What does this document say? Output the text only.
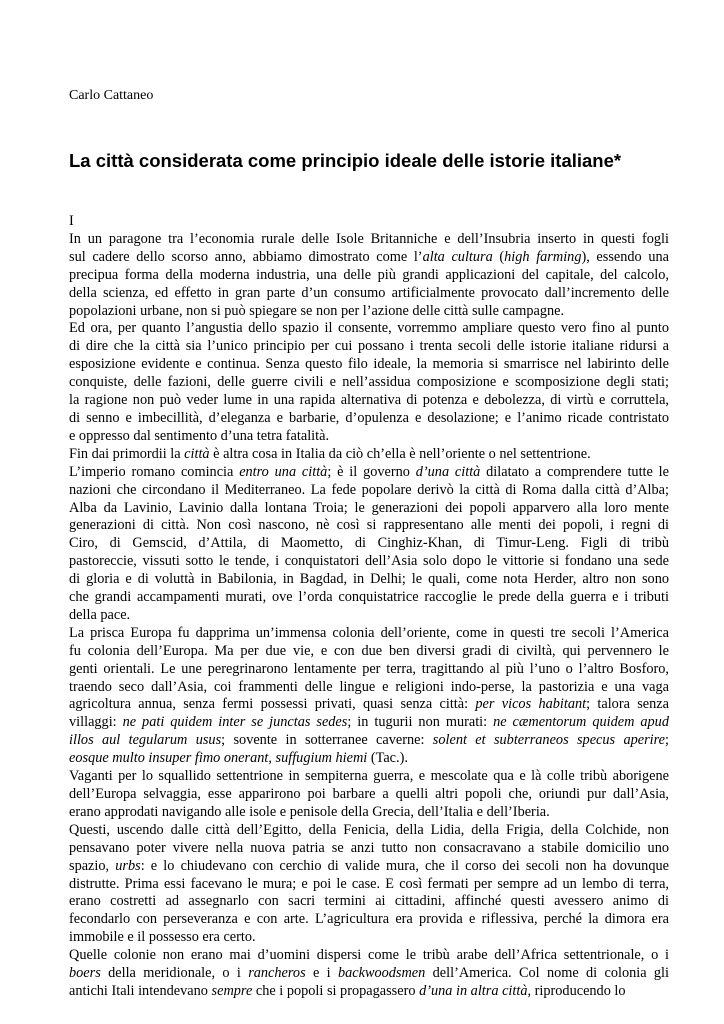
Carlo Cattaneo
La città considerata come principio ideale delle istorie italiane*
I
In un paragone tra l’economia rurale delle Isole Britanniche e dell’Insubria inserto in questi fogli
sul cadere dello scorso anno, abbiamo dimostrato come l’alta cultura (high farming), essendo una
precipua forma della moderna industria, una delle più grandi applicazioni del capitale, del calcolo,
della scienza, ed effetto in gran parte d’un consumo artificialmente provocato dall’incremento delle
popolazioni urbane, non si può spiegare se non per l’azione delle città sulle campagne.
Ed ora, per quanto l’angustia dello spazio il consente, vorremmo ampliare questo vero fino al punto
di dire che la città sia l’unico principio per cui possano i trenta secoli delle istorie italiane ridursi a
esposizione evidente e continua. Senza questo filo ideale, la memoria si smarrisce nel labirinto delle
conquiste, delle fazioni, delle guerre civili e nell’assidua composizione e scomposizione degli stati;
la ragione non può veder lume in una rapida alternativa di potenza e debolezza, di virtù e corruttela,
di senno e imbecillità, d’eleganza e barbarie, d’opulenza e desolazione; e l’animo ricade contristato
e oppresso dal sentimento d’una tetra fatalità.
Fin dai primordii la città è altra cosa in Italia da ciò ch’ella è nell’oriente o nel settentrione.
L’imperio romano comincia entro una città; è il governo d’una città dilatato a comprendere tutte le
nazioni che circondano il Mediterraneo. La fede popolare derivò la città di Roma dalla città d’Alba;
Alba da Lavinio, Lavinio dalla lontana Troia; le generazioni dei popoli apparvero alla loro mente
generazioni di città. Non così nascono, nè così si rappresentano alle menti dei popoli, i regni di
Ciro, di Gemscid, d’Attila, di Maometto, di Cinghiz-Khan, di Timur-Leng. Figli di tribù
pastoreccie, vissuti sotto le tende, i conquistatori dell’Asia solo dopo le vittorie si fondano una sede
di gloria e di voluttà in Babilonia, in Bagdad, in Delhi; le quali, come nota Herder, altro non sono
che grandi accampamenti murati, ove l’orda conquistatrice raccoglie le prede della guerra e i tributi
della pace.
La prisca Europa fu dapprima un’immensa colonia dell’oriente, come in questi tre secoli l’America
fu colonia dell’Europa. Ma per due vie, e con due ben diversi gradi di civiltà, qui pervennero le
genti orientali. Le une peregrinarono lentamente per terra, tragittando al più l’uno o l’altro Bosforo,
traendo seco dall’Asia, coi frammenti delle lingue e religioni indo-perse, la pastorizia e una vaga
agricoltura annua, senza fermi possessi privati, quasi senza città: per vicos habitant; talora senza
villaggi: ne pati quidem inter se junctas sedes; in tugurii non murati: ne cæmentorum quidem apud
illos aul tegularum usus; sovente in sotterranee caverne: solent et subterraneos specus aperire;
eosque multo insuper fimo onerant, suffugium hiemi (Tac.).
Vaganti per lo squallido settentrione in sempiterna guerra, e mescolate qua e là colle tribù aborigene
dell’Europa selvaggia, esse apparirono poi barbare a quelli altri popoli che, oriundi pur dall’Asia,
erano approdati navigando alle isole e penisole della Grecia, dell’Italia e dell’Iberia.
Questi, uscendo dalle città dell’Egitto, della Fenicia, della Lidia, della Frigia, della Colchide, non
pensavano poter vivere nella nuova patria se anzi tutto non consacravano a stabile domicilio uno
spazio, urbs: e lo chiudevano con cerchio di valide mura, che il corso dei secoli non ha dovunque
distrutte. Prima essi facevano le mura; e poi le case. E così fermati per sempre ad un lembo di terra,
erano costretti ad assegnarlo con sacri termini ai cittadini, affinché questi avessero animo di
fecondarlo con perseveranza e con arte. L’agricultura era provida e riflessiva, perché la dimora era
immobile e il possesso era certo.
Quelle colonie non erano mai d’uomini dispersi come le tribù arabe dell’Africa settentrionale, o i
boers della meridionale, o i rancheros e i backwoodsmen dell’America. Col nome di colonia gli
antichi Itali intendevano sempre che i popoli si propagassero d’una in altra città, riproducendo lo
